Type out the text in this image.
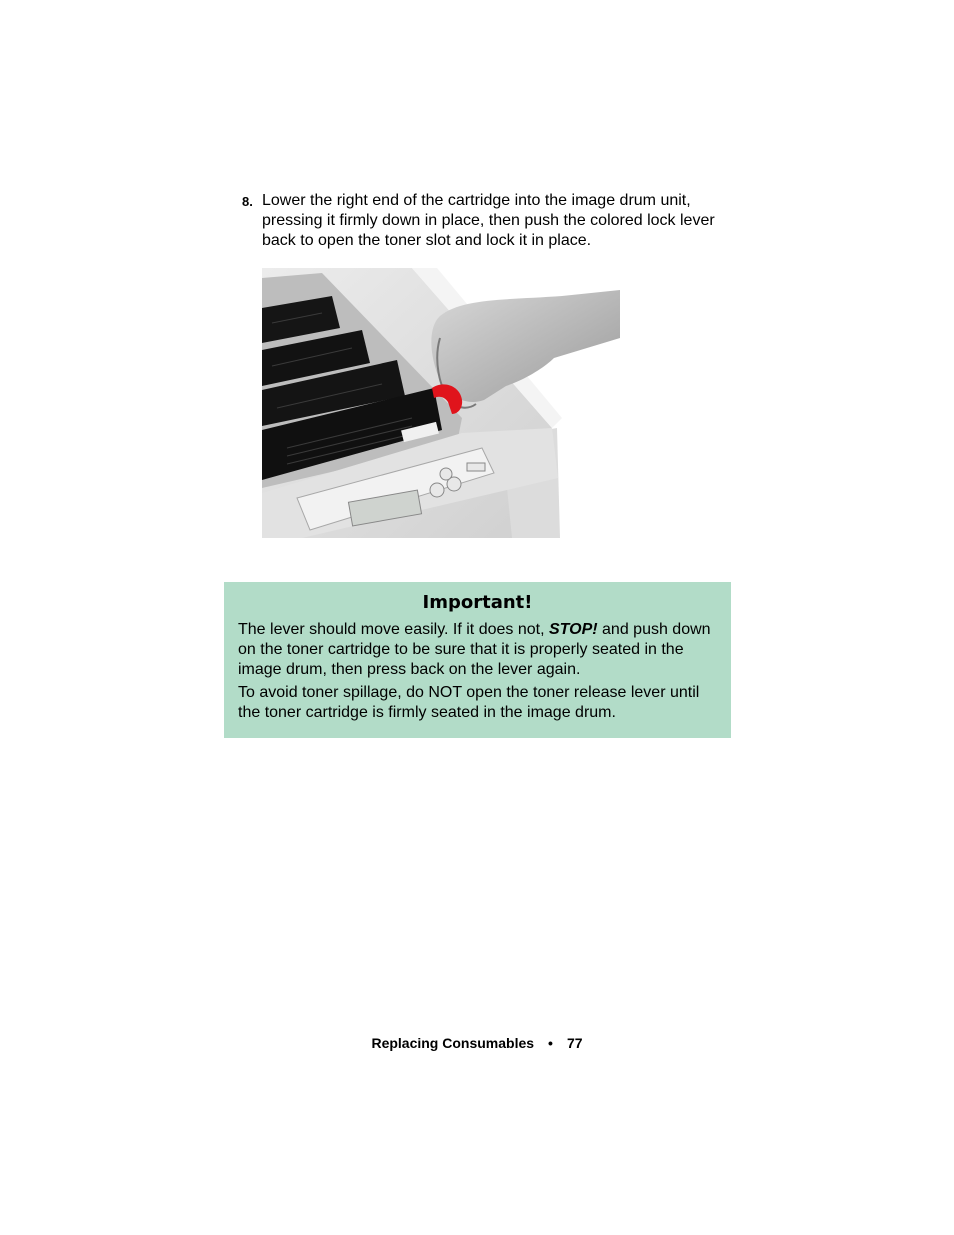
8. Lower the right end of the cartridge into the image drum unit, pressing it firmly down in place, then push the colored lock lever back to open the toner slot and lock it in place.
Important!

The lever should move easily. If it does not, STOP! and push down on the toner cartridge to be sure that it is properly seated in the image drum, then press back on the lever again.

To avoid toner spillage, do NOT open the toner release lever until the toner cartridge is firmly seated in the image drum.

Replacing Consumables • 77
